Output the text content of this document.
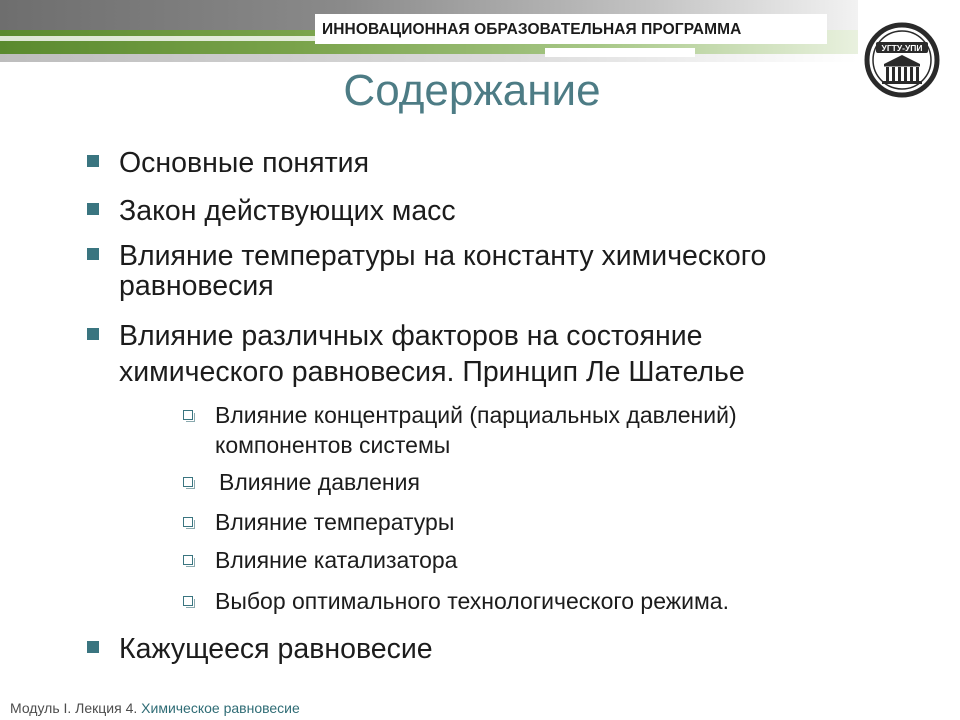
ИННОВАЦИОННАЯ ОБРАЗОВАТЕЛЬНАЯ ПРОГРАММА
УГТУ-УПИ
Содержание
Основные понятия
Закон действующих масс
Влияние температуры на константу химического равновесия
Влияние различных факторов на состояние химического равновесия. Принцип Ле Шателье
Влияние концентраций (парциальных давлений) компонентов системы
Влияние давления
Влияние температуры
Влияние катализатора
Выбор оптимального технологического режима.
Кажущееся равновесие
Модуль I. Лекция 4. Химическое равновесие
